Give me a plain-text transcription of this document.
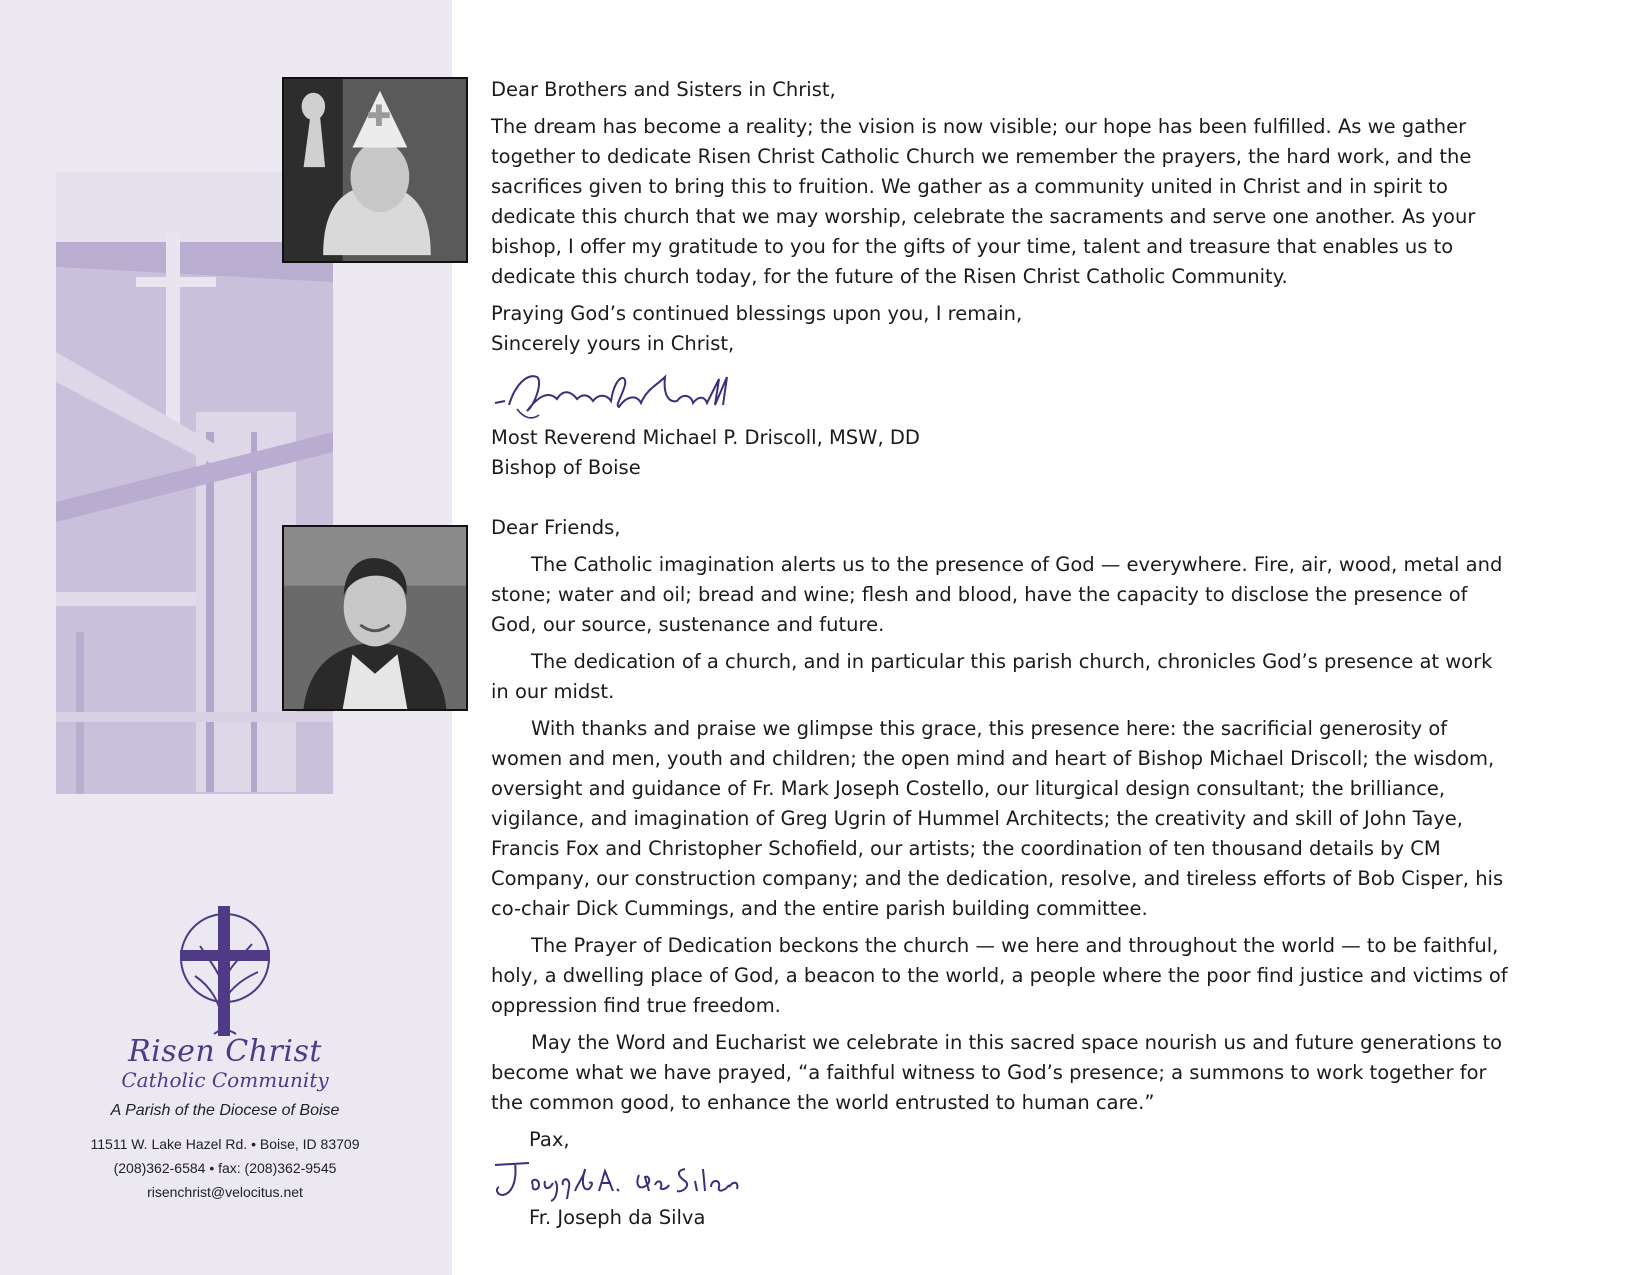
Risen Christ
Catholic Community
A Parish of the Diocese of Boise
11511 W. Lake Hazel Rd. • Boise, ID 83709
(208)362-6584 • fax: (208)362-9545
risenchrist@velocitus.net

Dear Brothers and Sisters in Christ,

The dream has become a reality; the vision is now visible; our hope has been fulfilled. As we gather together to dedicate Risen Christ Catholic Church we remember the prayers, the hard work, and the sacrifices given to bring this to fruition. We gather as a community united in Christ and in spirit to dedicate this church that we may worship, celebrate the sacraments and serve one another. As your bishop, I offer my gratitude to you for the gifts of your time, talent and treasure that enables us to dedicate this church today, for the future of the Risen Christ Catholic Community.

Praying God’s continued blessings upon you, I remain,

Sincerely yours in Christ,

Most Reverend Michael P. Driscoll, MSW, DD

Bishop of Boise

Dear Friends,

The Catholic imagination alerts us to the presence of God — everywhere. Fire, air, wood, metal and stone; water and oil; bread and wine; flesh and blood, have the capacity to disclose the presence of God, our source, sustenance and future.

The dedication of a church, and in particular this parish church, chronicles God’s presence at work in our midst.

With thanks and praise we glimpse this grace, this presence here: the sacrificial generosity of women and men, youth and children; the open mind and heart of Bishop Michael Driscoll; the wisdom, oversight and guidance of Fr. Mark Joseph Costello, our liturgical design consultant; the brilliance, vigilance, and imagination of Greg Ugrin of Hummel Architects; the creativity and skill of John Taye, Francis Fox and Christopher Schofield, our artists; the coordination of ten thousand details by CM Company, our construction company; and the dedication, resolve, and tireless efforts of Bob Cisper, his co-chair Dick Cummings, and the entire parish building committee.

The Prayer of Dedication beckons the church — we here and throughout the world — to be faithful, holy, a dwelling place of God, a beacon to the world, a people where the poor find justice and victims of oppression find true freedom.

May the Word and Eucharist we celebrate in this sacred space nourish us and future generations to become what we have prayed, “a faithful witness to God’s presence; a summons to work together for the common good, to enhance the world entrusted to human care.”

Pax,

Fr. Joseph da Silva
